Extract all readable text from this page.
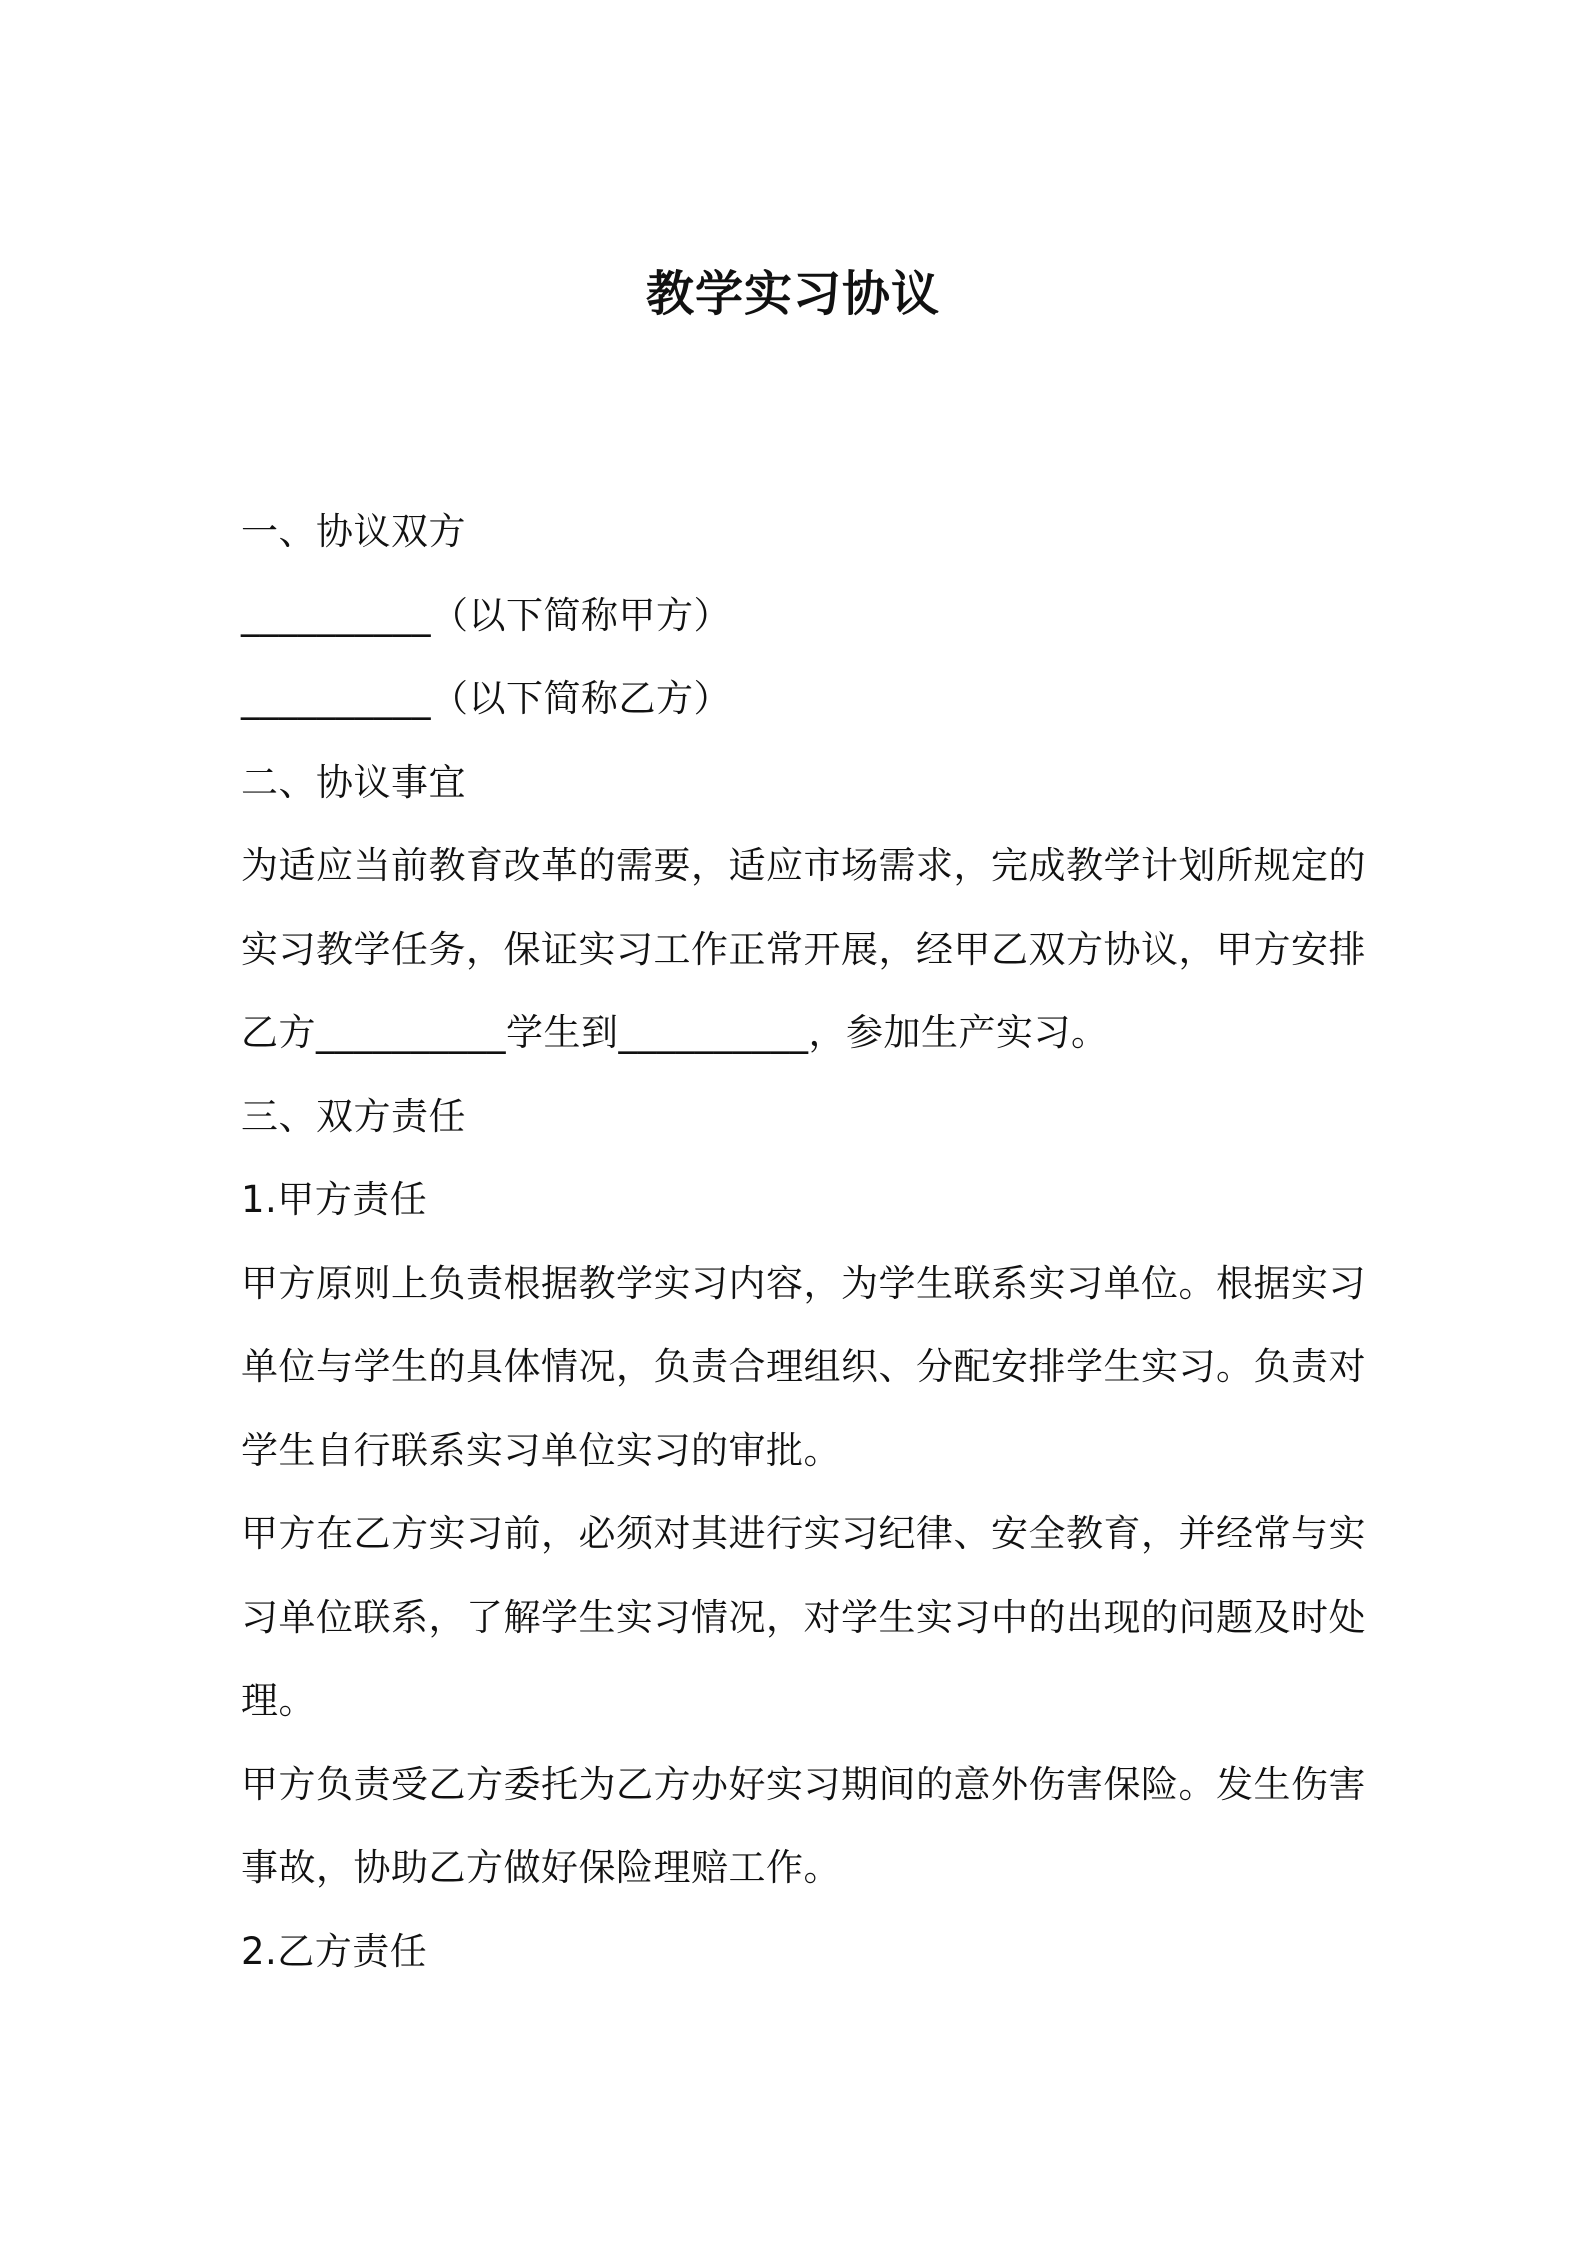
教学实习协议

一、协议双方

__________（以下简称甲方）

__________（以下简称乙方）

二、协议事宜

为适应当前教育改革的需要，适应市场需求，完成教学计划所规定的

实习教学任务，保证实习工作正常开展，经甲乙双方协议，甲方安排

乙方__________学生到__________，参加生产实习。

三、双方责任

1.甲方责任

甲方原则上负责根据教学实习内容，为学生联系实习单位。根据实习

单位与学生的具体情况，负责合理组织、分配安排学生实习。负责对

学生自行联系实习单位实习的审批。

甲方在乙方实习前，必须对其进行实习纪律、安全教育，并经常与实

习单位联系，了解学生实习情况，对学生实习中的出现的问题及时处

理。

甲方负责受乙方委托为乙方办好实习期间的意外伤害保险。发生伤害

事故，协助乙方做好保险理赔工作。

2.乙方责任
